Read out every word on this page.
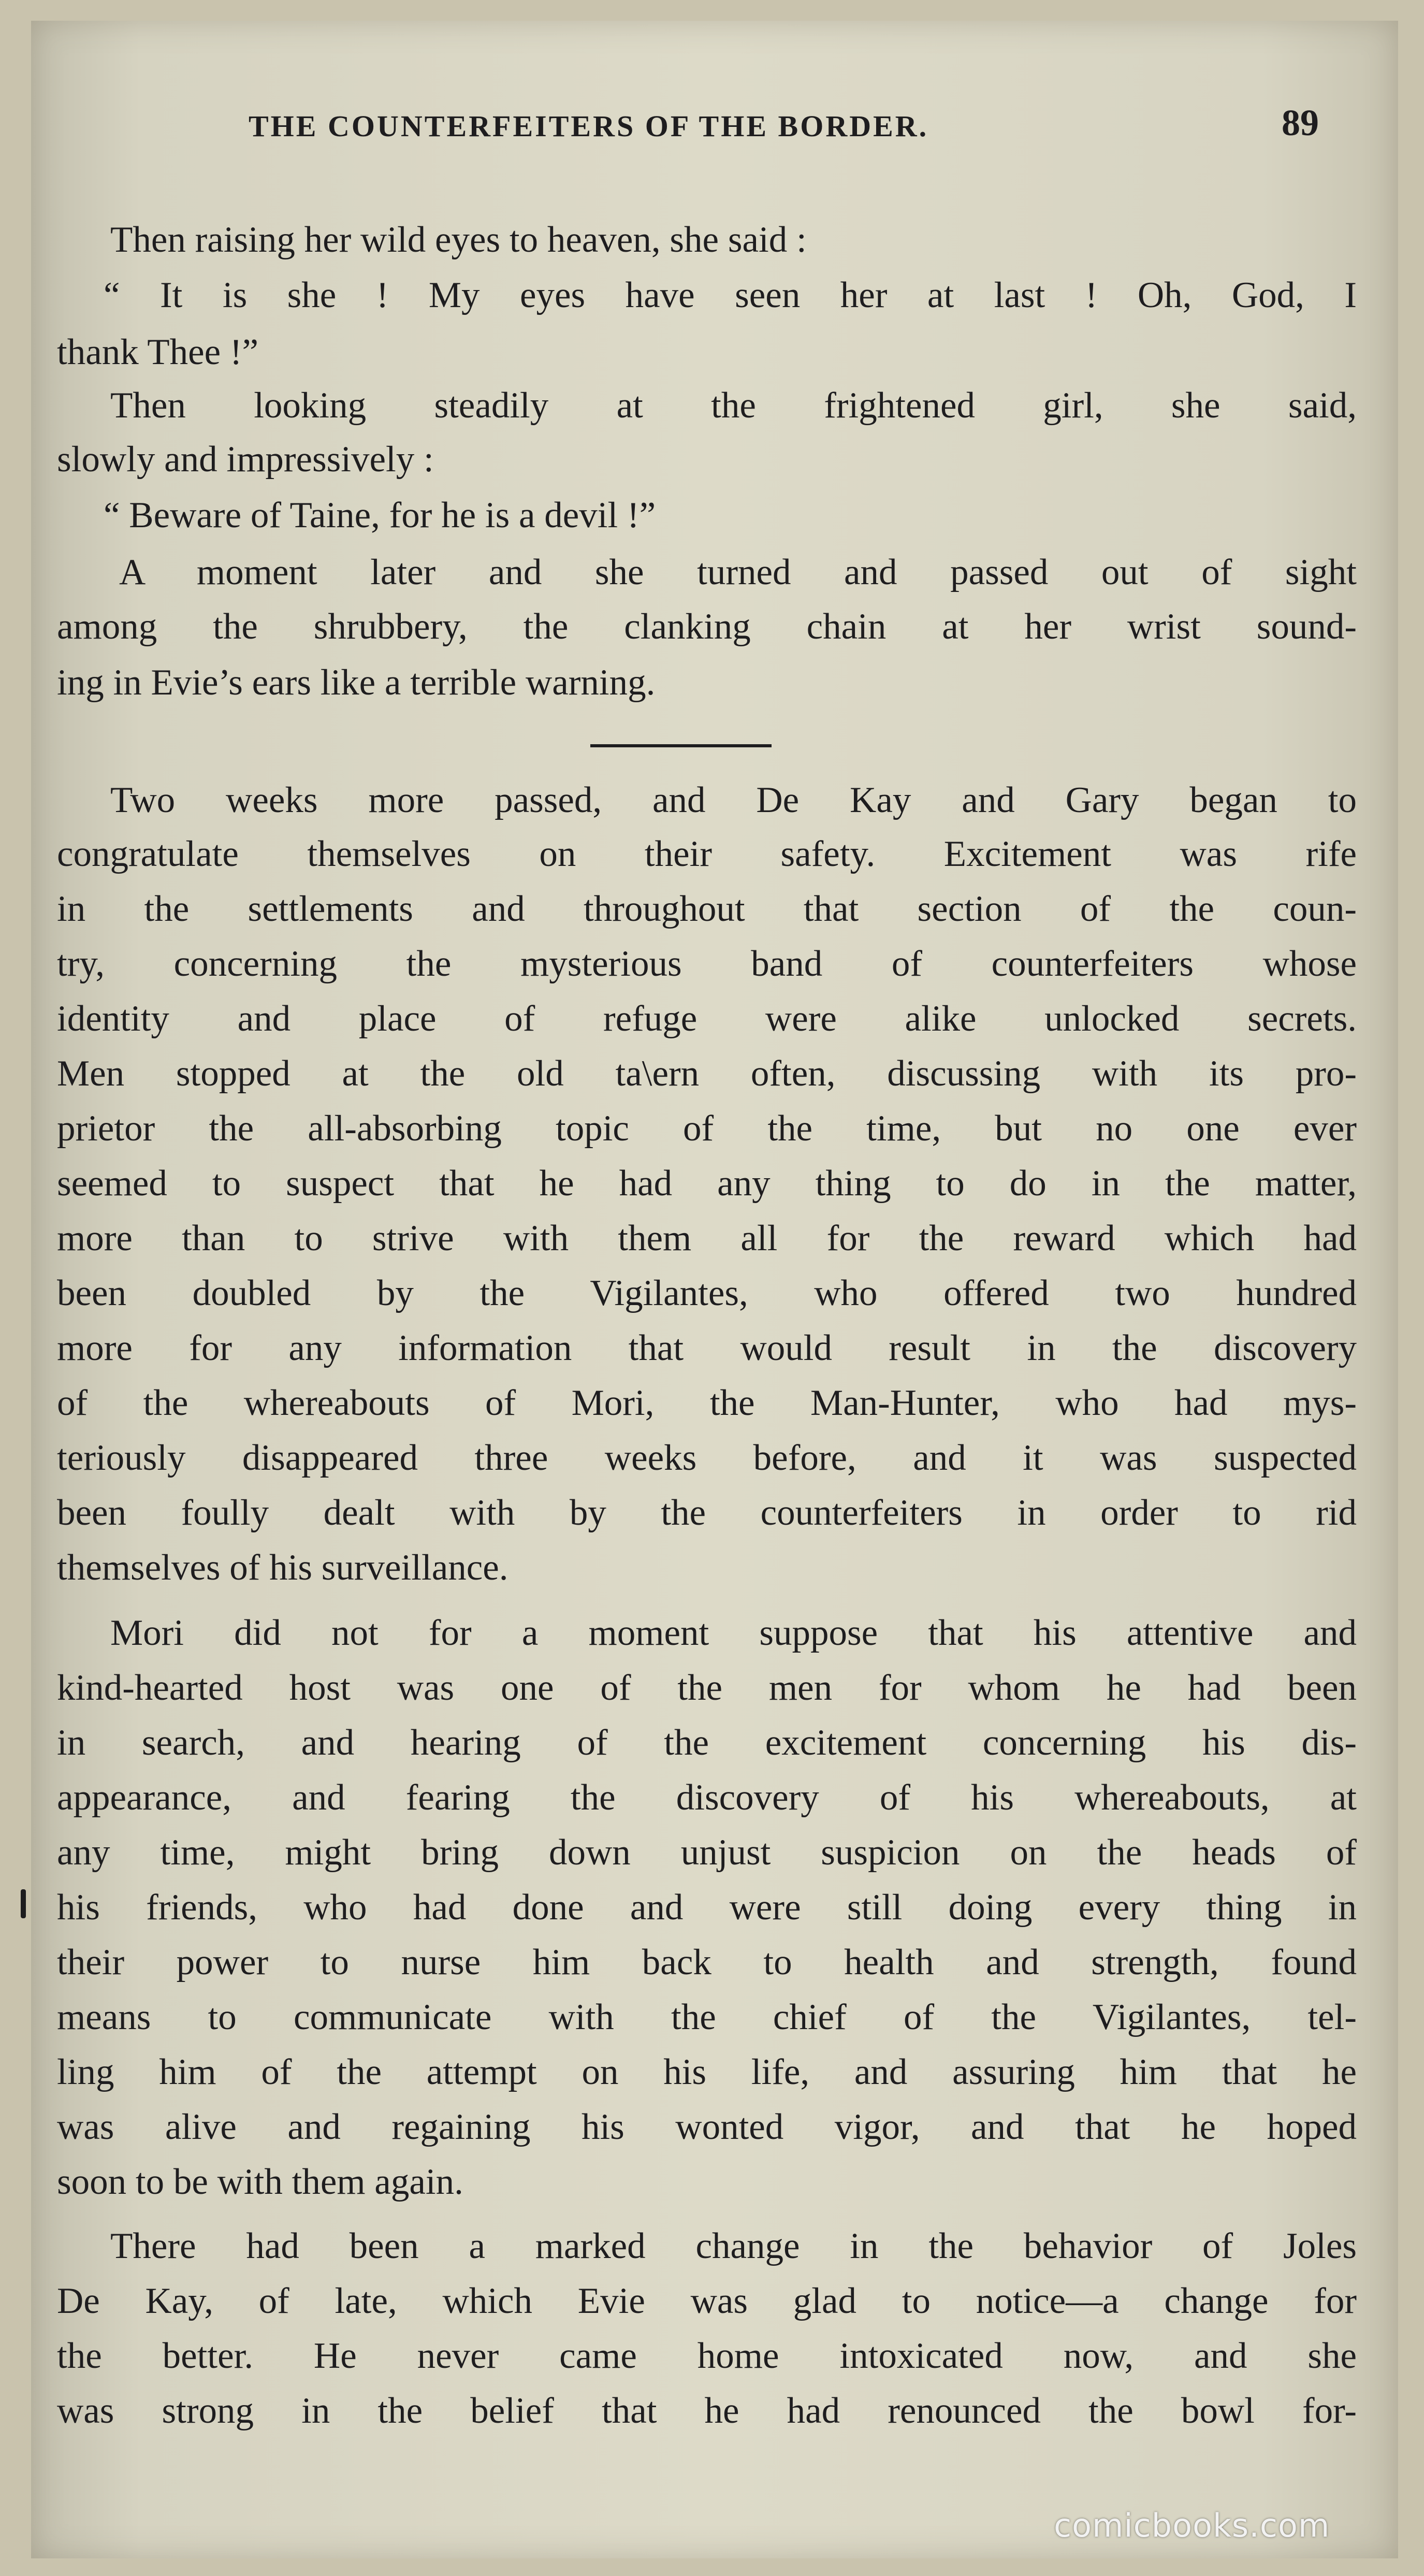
THE COUNTERFEITERS OF THE BORDER.	89
Then raising her wild eyes to heaven, she said :
“ It is she ! My eyes have seen her at last ! Oh, God, I
thank Thee !”
Then looking steadily at the frightened girl, she said,
slowly and impressively :
“ Beware of Taine, for he is a devil !”
A moment later and she turned and passed out of sight
among the shrubbery, the clanking chain at her wrist sound-
ing in Evie’s ears like a terrible warning.
Two weeks more passed, and De Kay and Gary began to
congratulate themselves on their safety. Excitement was rife
in the settlements and throughout that section of the coun-
try, concerning the mysterious band of counterfeiters whose
identity and place of refuge were alike unlocked secrets.
Men stopped at the old ta\ern often, discussing with its pro-
prietor the all-absorbing topic of the time, but no one ever
seemed to suspect that he had any thing to do in the matter,
more than to strive with them all for the reward which had
been doubled by the Vigilantes, who offered two hundred
more for any information that would result in the discovery
of the whereabouts of Mori, the Man-Hunter, who had mys-
teriously disappeared three weeks before, and it was suspected
been foully dealt with by the counterfeiters in order to rid
themselves of his surveillance.
Mori did not for a moment suppose that his attentive and
kind-hearted host was one of the men for whom he had been
in search, and hearing of the excitement concerning his dis-
appearance, and fearing the discovery of his whereabouts, at
any time, might bring down unjust suspicion on the heads of
his friends, who had done and were still doing every thing in
their power to nurse him back to health and strength, found
means to communicate with the chief of the Vigilantes, tel-
ling him of the attempt on his life, and assuring him that he
was alive and regaining his wonted vigor, and that he hoped
soon to be with them again.
There had been a marked change in the behavior of Joles
De Kay, of late, which Evie was glad to notice—a change for
the better. He never came home intoxicated now, and she
was strong in the belief that he had renounced the bowl for-
comicbooks.com
